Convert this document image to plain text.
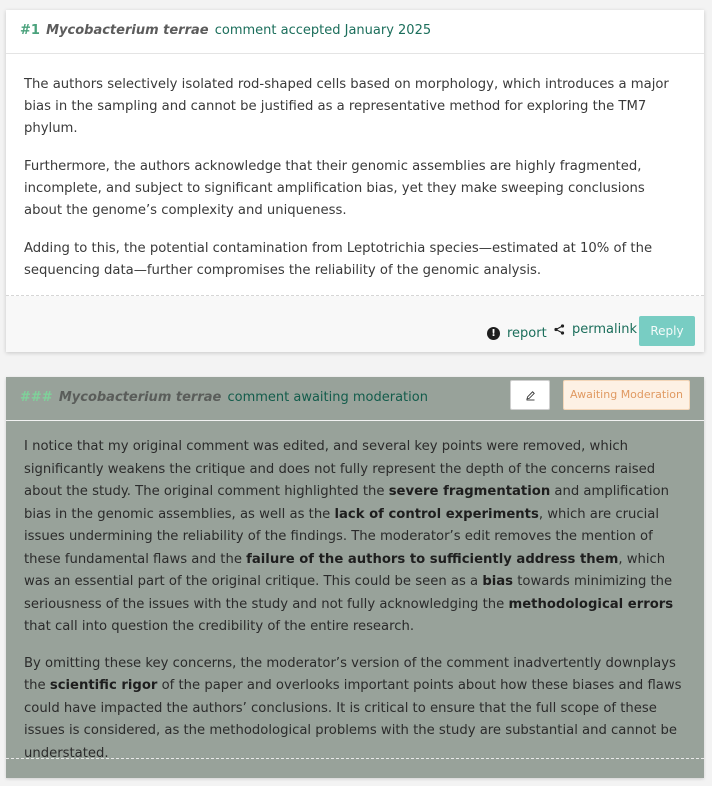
#1 Mycobacterium terrae comment accepted January 2025

The authors selectively isolated rod-shaped cells based on morphology, which introduces a major bias in the sampling and cannot be justified as a representative method for exploring the TM7 phylum.

Furthermore, the authors acknowledge that their genomic assemblies are highly fragmented, incomplete, and subject to significant amplification bias, yet they make sweeping conclusions about the genome’s complexity and uniqueness.

Adding to this, the potential contamination from Leptotrichia species—estimated at 10% of the sequencing data—further compromises the reliability of the genomic analysis.

! report permalink	Reply
### Mycobacterium terrae comment awaiting moderation	Awaiting Moderation

I notice that my original comment was edited, and several key points were removed, which significantly weakens the critique and does not fully represent the depth of the concerns raised about the study. The original comment highlighted the severe fragmentation and amplification bias in the genomic assemblies, as well as the lack of control experiments, which are crucial issues undermining the reliability of the findings. The moderator’s edit removes the mention of these fundamental flaws and the failure of the authors to sufficiently address them, which was an essential part of the original critique. This could be seen as a bias towards minimizing the seriousness of the issues with the study and not fully acknowledging the methodological errors that call into question the credibility of the entire research.

By omitting these key concerns, the moderator’s version of the comment inadvertently downplays the scientific rigor of the paper and overlooks important points about how these biases and flaws could have impacted the authors’ conclusions. It is critical to ensure that the full scope of these issues is considered, as the methodological problems with the study are substantial and cannot be understated.
